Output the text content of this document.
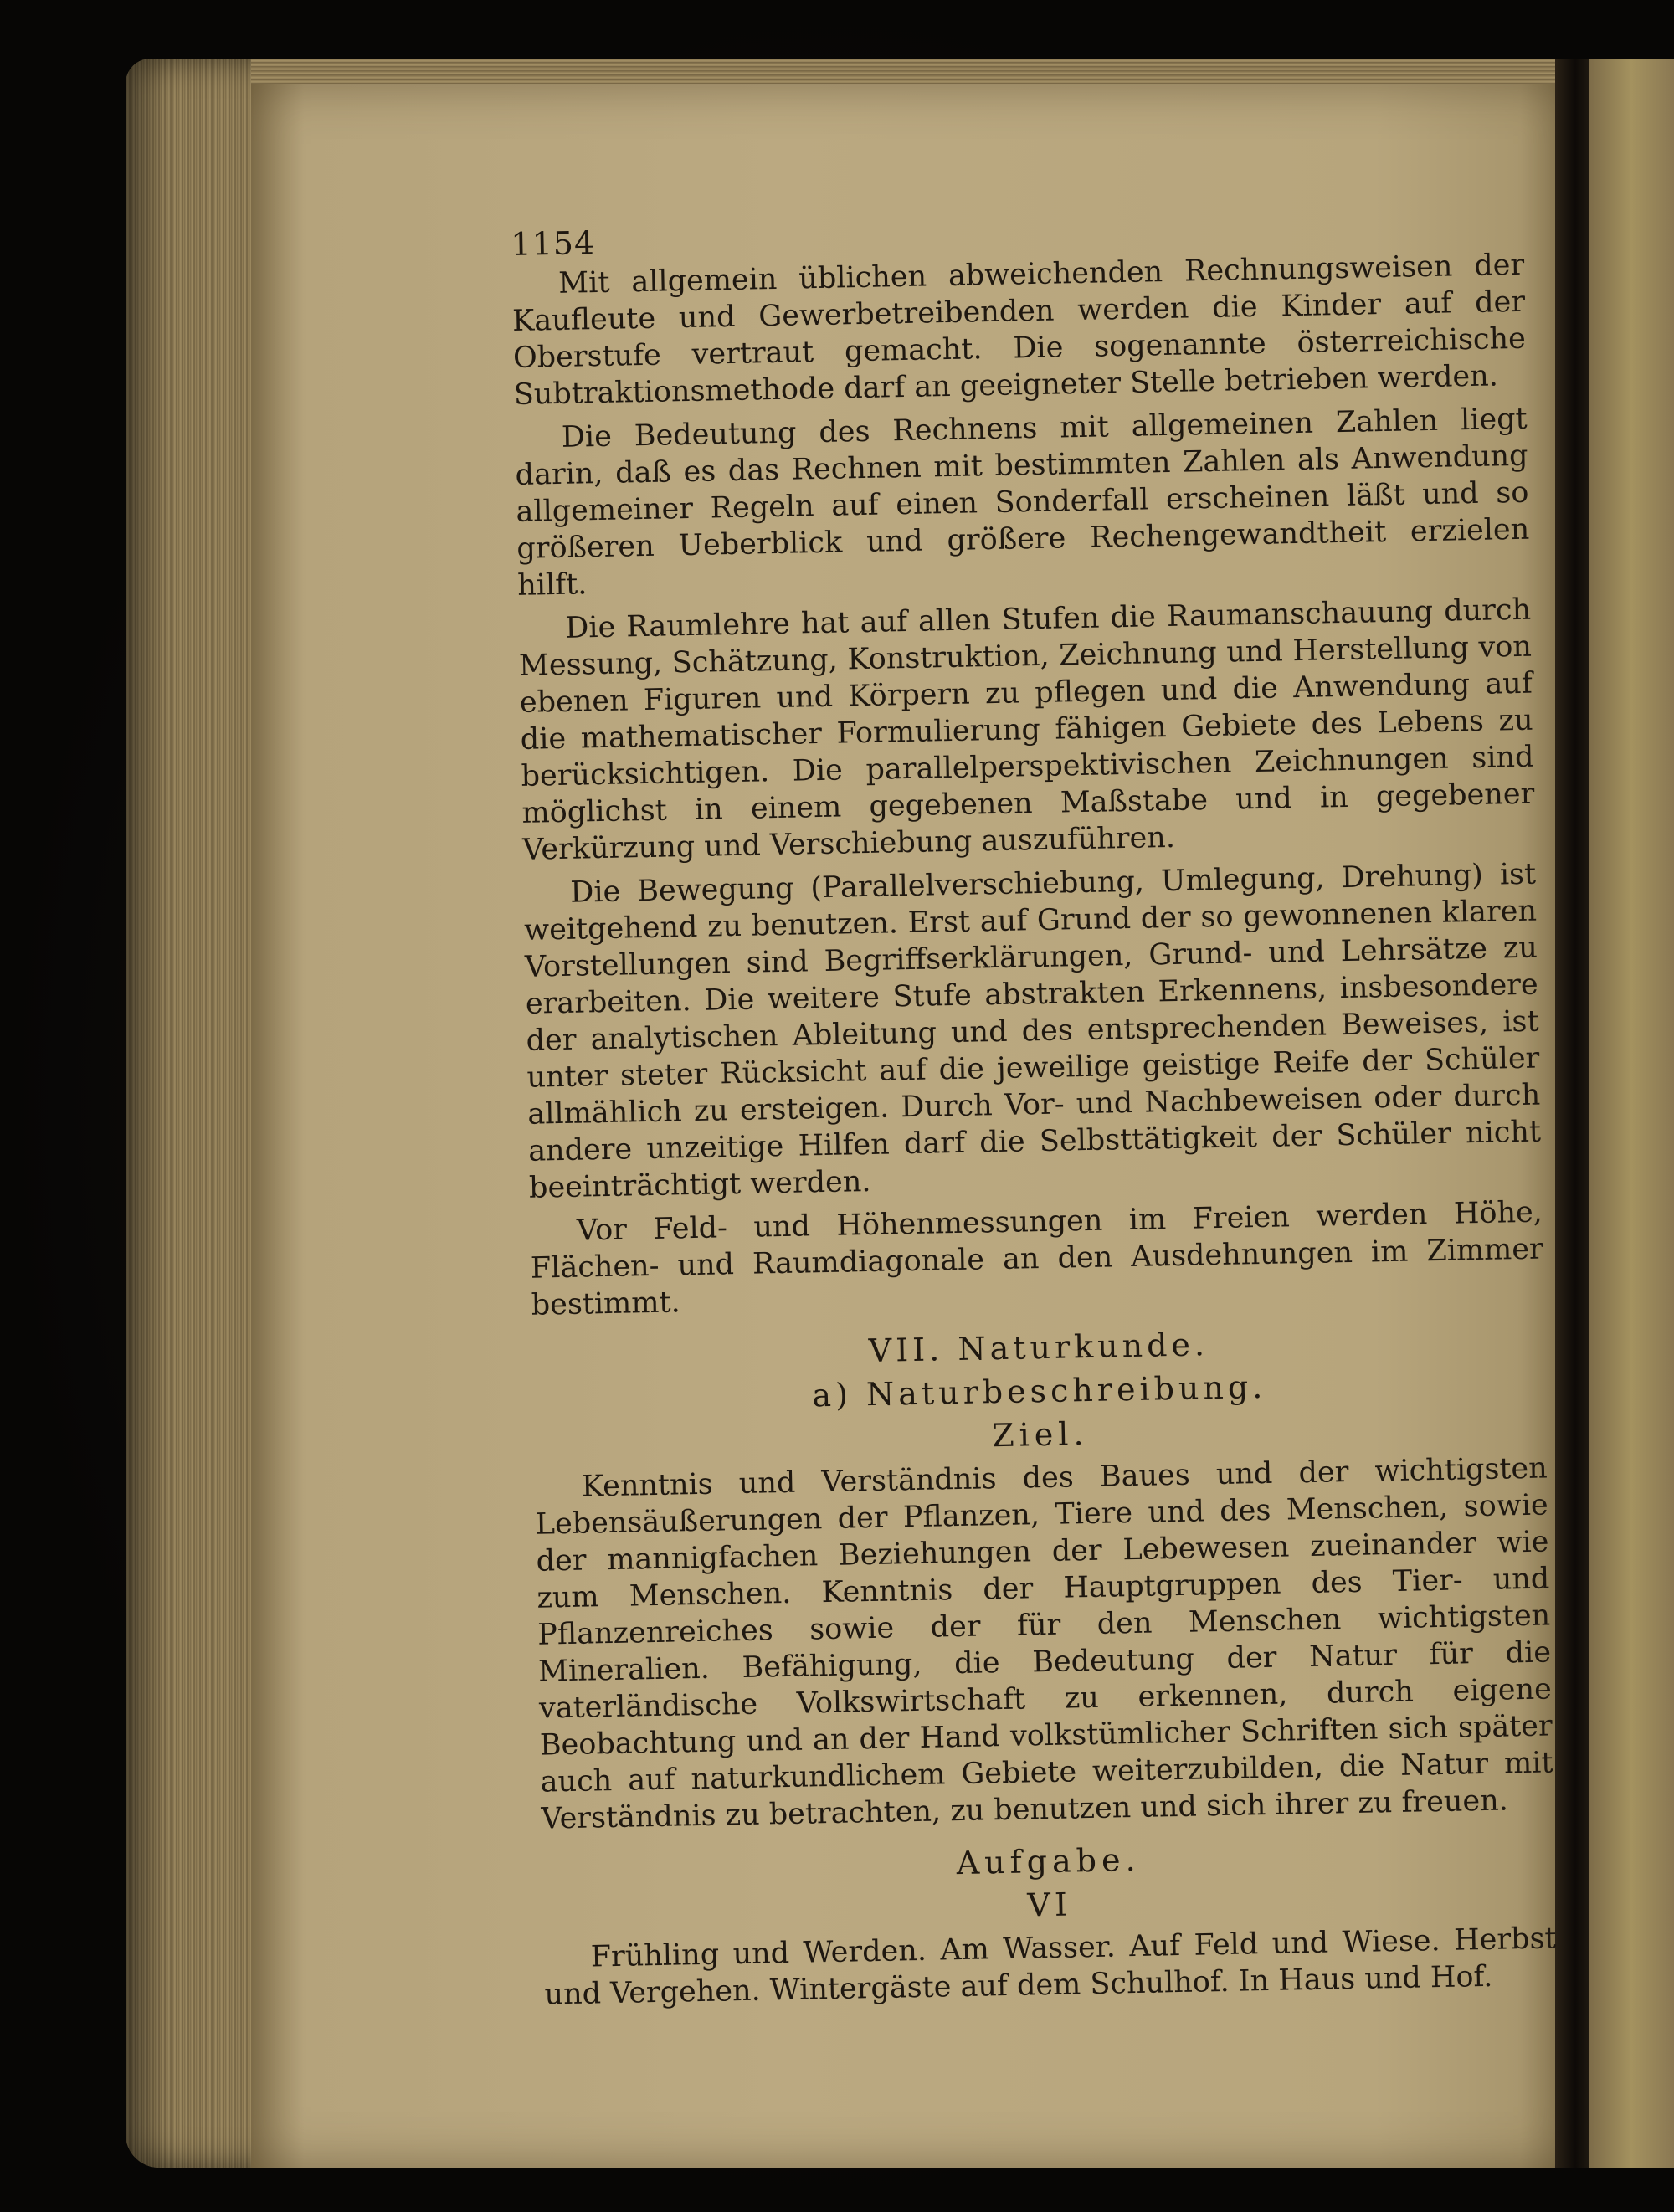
1154

Mit allgemein üblichen abweichenden Rechnungsweisen der Kaufleute und Gewerbetreibenden werden die Kinder auf der Oberstufe vertraut gemacht. Die sogenannte österreichische Subtraktionsmethode darf an geeigneter Stelle betrieben werden.

Die Bedeutung des Rechnens mit allgemeinen Zahlen liegt darin, daß es das Rechnen mit bestimmten Zahlen als Anwendung allgemeiner Regeln auf einen Sonderfall erscheinen läßt und so größeren Ueberblick und größere Rechengewandtheit erzielen hilft.

Die Raumlehre hat auf allen Stufen die Raumanschauung durch Messung, Schätzung, Konstruktion, Zeichnung und Herstellung von ebenen Figuren und Körpern zu pflegen und die Anwendung auf die mathematischer Formulierung fähigen Gebiete des Lebens zu berücksichtigen. Die parallelperspektivischen Zeichnungen sind möglichst in einem gegebenen Maßstabe und in gegebener Verkürzung und Verschiebung auszuführen.

Die Bewegung (Parallelverschiebung, Umlegung, Drehung) ist weitgehend zu benutzen. Erst auf Grund der so gewonnenen klaren Vorstellungen sind Begriffserklärungen, Grund- und Lehrsätze zu erarbeiten. Die weitere Stufe abstrakten Erkennens, insbesondere der analytischen Ableitung und des entsprechenden Beweises, ist unter steter Rücksicht auf die jeweilige geistige Reife der Schüler allmählich zu ersteigen. Durch Vor- und Nachbeweisen oder durch andere unzeitige Hilfen darf die Selbsttätigkeit der Schüler nicht beeinträchtigt werden.

Vor Feld- und Höhenmessungen im Freien werden Höhe, Flächen- und Raumdiagonale an den Ausdehnungen im Zimmer bestimmt.

VII. Naturkunde.
a) Naturbeschreibung.
Ziel.

Kenntnis und Verständnis des Baues und der wichtigsten Lebensäußerungen der Pflanzen, Tiere und des Menschen, sowie der mannigfachen Beziehungen der Lebewesen zueinander wie zum Menschen. Kenntnis der Hauptgruppen des Tier- und Pflanzenreiches sowie der für den Menschen wichtigsten Mineralien. Befähigung, die Bedeutung der Natur für die vaterländische Volkswirtschaft zu erkennen, durch eigene Beobachtung und an der Hand volkstümlicher Schriften sich später auch auf naturkundlichem Gebiete weiterzubilden, die Natur mit Verständnis zu betrachten, zu benutzen und sich ihrer zu freuen.

Aufgabe.
VI

Frühling und Werden. Am Wasser. Auf Feld und Wiese. Herbst und Vergehen. Wintergäste auf dem Schulhof. In Haus und Hof.
